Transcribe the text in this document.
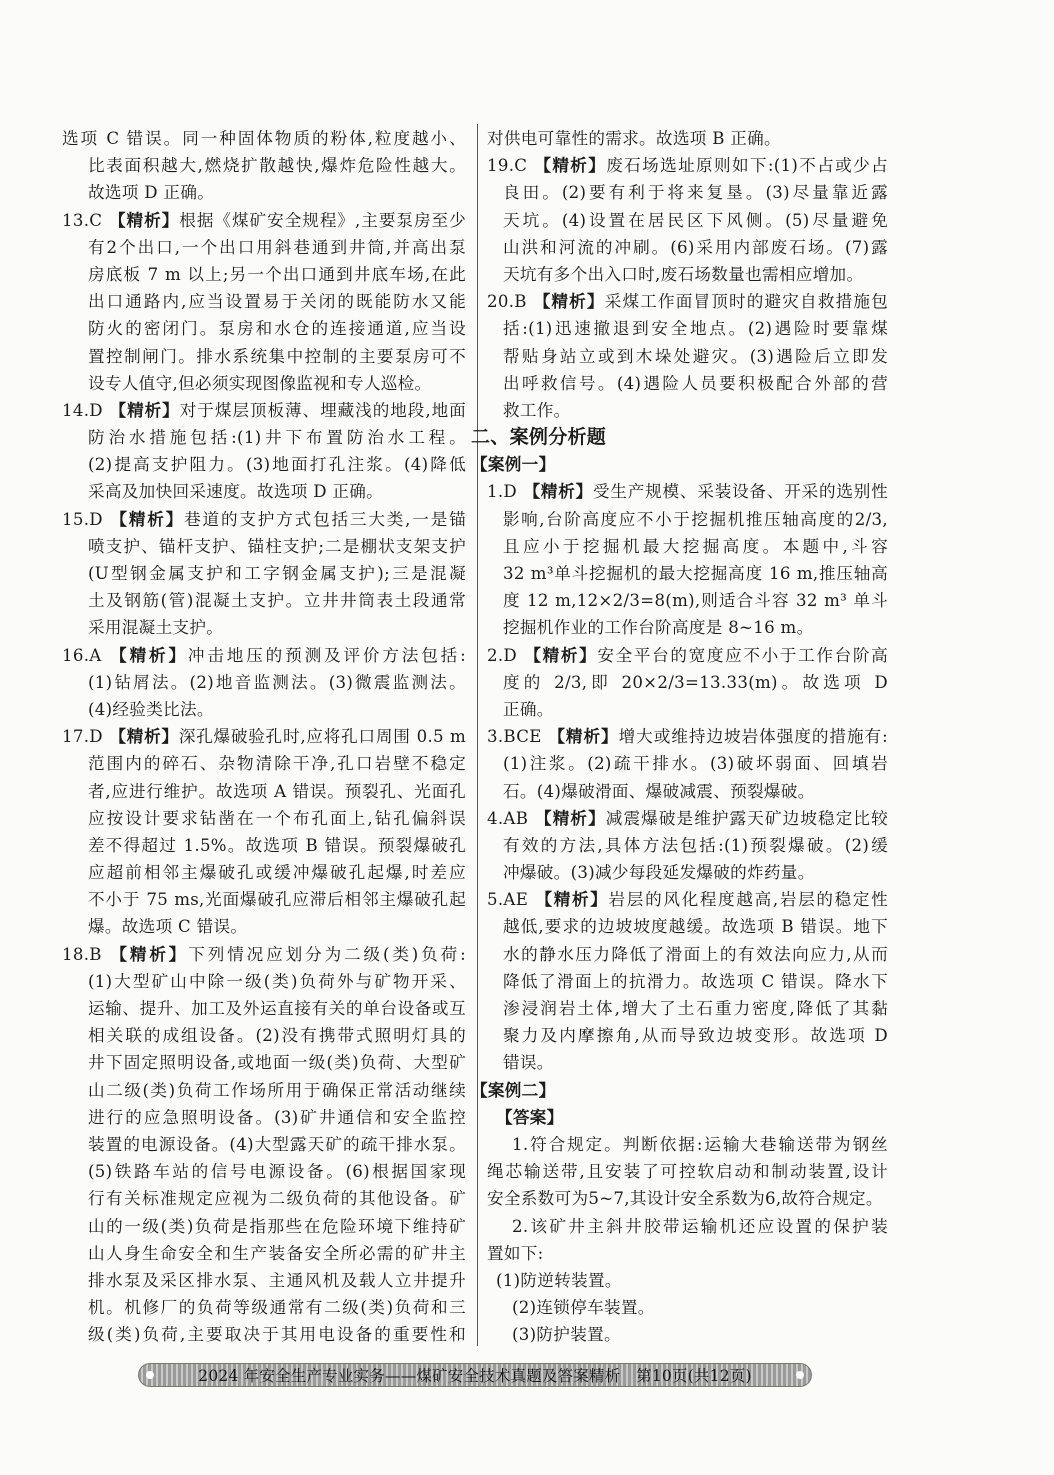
选项 C 错误。同一种固体物质的粉体,粒度越小、
比表面积越大,燃烧扩散越快,爆炸危险性越大。
故选项 D 正确。
13.C 【精析】根据《煤矿安全规程》,主要泵房至少
有2个出口,一个出口用斜巷通到井筒,并高出泵
房底板 7 m 以上;另一个出口通到井底车场,在此
出口通路内,应当设置易于关闭的既能防水又能
防火的密闭门。泵房和水仓的连接通道,应当设
置控制闸门。排水系统集中控制的主要泵房可不
设专人值守,但必须实现图像监视和专人巡检。
14.D 【精析】对于煤层顶板薄、埋藏浅的地段,地面
防治水措施包括:(1)井下布置防治水工程。
(2)提高支护阻力。(3)地面打孔注浆。(4)降低
采高及加快回采速度。故选项 D 正确。
15.D 【精析】巷道的支护方式包括三大类,一是锚
喷支护、锚杆支护、锚柱支护;二是棚状支架支护
(U型钢金属支护和工字钢金属支护);三是混凝
土及钢筋(管)混凝土支护。立井井筒表土段通常
采用混凝土支护。
16.A 【精析】冲击地压的预测及评价方法包括:
(1)钻屑法。(2)地音监测法。(3)微震监测法。
(4)经验类比法。
17.D 【精析】深孔爆破验孔时,应将孔口周围 0.5 m
范围内的碎石、杂物清除干净,孔口岩壁不稳定
者,应进行维护。故选项 A 错误。预裂孔、光面孔
应按设计要求钻凿在一个布孔面上,钻孔偏斜误
差不得超过 1.5%。故选项 B 错误。预裂爆破孔
应超前相邻主爆破孔或缓冲爆破孔起爆,时差应
不小于 75 ms,光面爆破孔应滞后相邻主爆破孔起
爆。故选项 C 错误。
18.B 【精析】下列情况应划分为二级(类)负荷:
(1)大型矿山中除一级(类)负荷外与矿物开采、
运输、提升、加工及外运直接有关的单台设备或互
相关联的成组设备。(2)没有携带式照明灯具的
井下固定照明设备,或地面一级(类)负荷、大型矿
山二级(类)负荷工作场所用于确保正常活动继续
进行的应急照明设备。(3)矿井通信和安全监控
装置的电源设备。(4)大型露天矿的疏干排水泵。
(5)铁路车站的信号电源设备。(6)根据国家现
行有关标准规定应视为二级负荷的其他设备。矿
山的一级(类)负荷是指那些在危险环境下维持矿
山人身生命安全和生产装备安全所必需的矿井主
排水泵及采区排水泵、主通风机及载人立井提升
机。机修厂的负荷等级通常有二级(类)负荷和三
级(类)负荷,主要取决于其用电设备的重要性和
对供电可靠性的需求。故选项 B 正确。
19.C 【精析】废石场选址原则如下:(1)不占或少占
良田。(2)要有利于将来复垦。(3)尽量靠近露
天坑。(4)设置在居民区下风侧。(5)尽量避免
山洪和河流的冲刷。(6)采用内部废石场。(7)露
天坑有多个出入口时,废石场数量也需相应增加。
20.B 【精析】采煤工作面冒顶时的避灾自救措施包
括:(1)迅速撤退到安全地点。(2)遇险时要靠煤
帮贴身站立或到木垛处避灾。(3)遇险后立即发
出呼救信号。(4)遇险人员要积极配合外部的营
救工作。
二、案例分析题
【案例一】
1.D 【精析】受生产规模、采装设备、开采的选别性
影响,台阶高度应不小于挖掘机推压轴高度的2/3,
且应小于挖掘机最大挖掘高度。本题中,斗容
32 m³单斗挖掘机的最大挖掘高度 16 m,推压轴高
度 12 m,12×2/3=8(m),则适合斗容 32 m³ 单斗
挖掘机作业的工作台阶高度是 8~16 m。
2.D 【精析】安全平台的宽度应不小于工作台阶高
度的 2/3,即 20×2/3=13.33(m)。故选项 D
正确。
3.BCE 【精析】增大或维持边坡岩体强度的措施有:
(1)注浆。(2)疏干排水。(3)破坏弱面、回填岩
石。(4)爆破滑面、爆破减震、预裂爆破。
4.AB 【精析】减震爆破是维护露天矿边坡稳定比较
有效的方法,具体方法包括:(1)预裂爆破。(2)缓
冲爆破。(3)减少每段延发爆破的炸药量。
5.AE 【精析】岩层的风化程度越高,岩层的稳定性
越低,要求的边坡坡度越缓。故选项 B 错误。地下
水的静水压力降低了滑面上的有效法向应力,从而
降低了滑面上的抗滑力。故选项 C 错误。降水下
渗浸润岩土体,增大了土石重力密度,降低了其黏
聚力及内摩擦角,从而导致边坡变形。故选项 D
错误。
【案例二】
【答案】
1.符合规定。判断依据:运输大巷输送带为钢丝
绳芯输送带,且安装了可控软启动和制动装置,设计
安全系数可为5~7,其设计安全系数为6,故符合规定。
2.该矿井主斜井胶带运输机还应设置的保护装
置如下:
(1)防逆转装置。
(2)连锁停车装置。
(3)防护装置。
2024 年安全生产专业实务——煤矿安全技术真题及答案精析　第10页(共12页)
